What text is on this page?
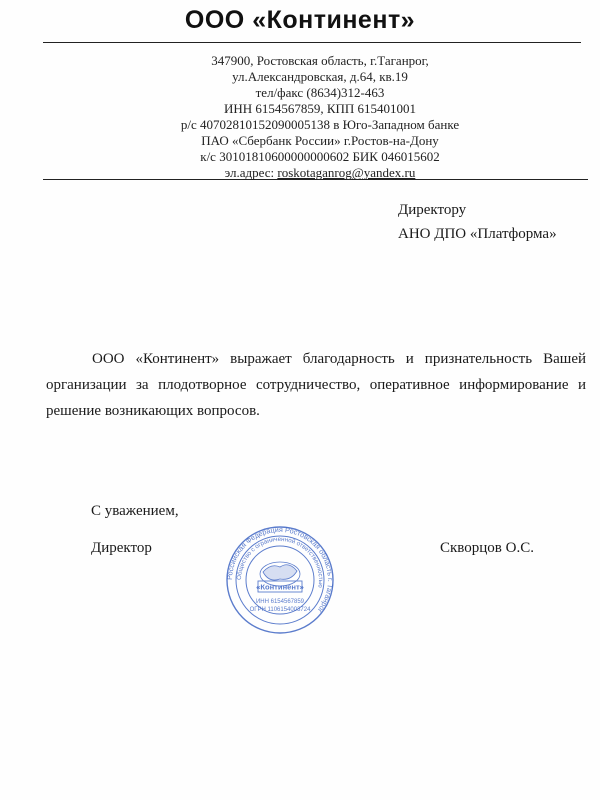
ООО «Континент»
347900, Ростовская область, г.Таганрог,
ул.Александровская, д.64, кв.19
тел/факс (8634)312-463
ИНН 6154567859, КПП 615401001
р/с 40702810152090005138 в Юго-Западном банке
ПАО «Сбербанк России» г.Ростов-на-Дону
к/с 30101810600000000602 БИК 046015602
эл.адрес: roskotaganrog@yandex.ru
Директору
АНО ДПО «Платформа»
ООО «Континент» выражает благодарность и признательность Вашей
организации за плодотворное сотрудничество, оперативное информирование и
решение возникающих вопросов.
С уважением,
Директор	Скворцов О.С.
Российская Федерация Ростовская область г. Таганрог
Общество с ограниченной ответственностью
«Континент»
ИНН 6154567859
ОГРН 1106154003724
